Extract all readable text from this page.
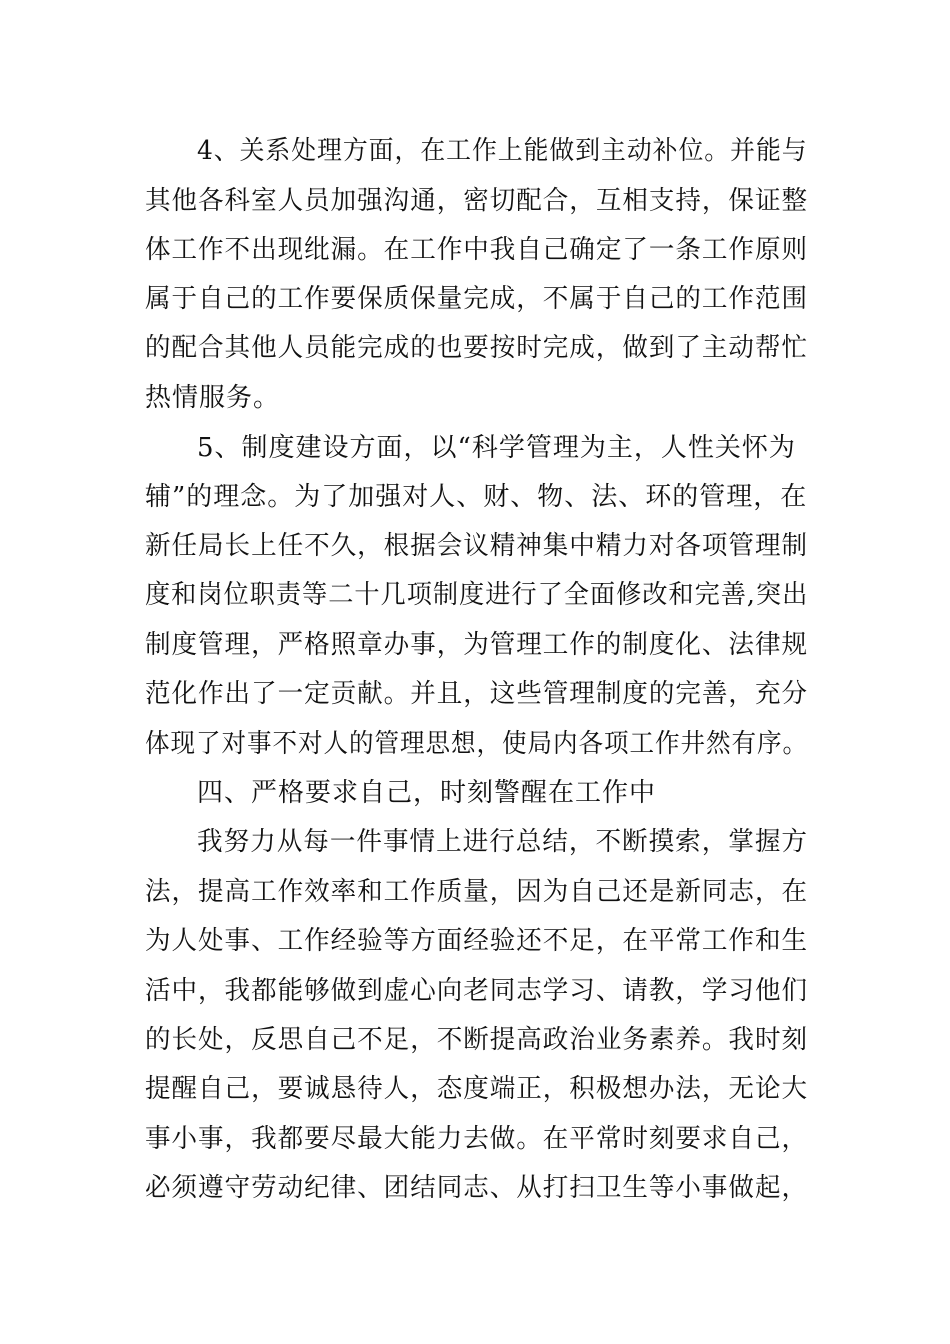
4、关系处理方面，在工作上能做到主动补位。并能与
其他各科室人员加强沟通，密切配合，互相支持，保证整
体工作不出现纰漏。在工作中我自己确定了一条工作原则
属于自己的工作要保质保量完成，不属于自己的工作范围
的配合其他人员能完成的也要按时完成，做到了主动帮忙
热情服务。
5、制度建设方面，以“科学管理为主，人性关怀为
辅”的理念。为了加强对人、财、物、法、环的管理，在
新任局长上任不久，根据会议精神集中精力对各项管理制
度和岗位职责等二十几项制度进行了全面修改和完善,突出
制度管理，严格照章办事，为管理工作的制度化、法律规
范化作出了一定贡献。并且，这些管理制度的完善，充分
体现了对事不对人的管理思想，使局内各项工作井然有序。
四、严格要求自己，时刻警醒在工作中
我努力从每一件事情上进行总结，不断摸索，掌握方
法，提高工作效率和工作质量，因为自己还是新同志，在
为人处事、工作经验等方面经验还不足，在平常工作和生
活中，我都能够做到虚心向老同志学习、请教，学习他们
的长处，反思自己不足，不断提高政治业务素养。我时刻
提醒自己，要诚恳待人，态度端正，积极想办法，无论大
事小事，我都要尽最大能力去做。在平常时刻要求自己，
必须遵守劳动纪律、团结同志、从打扫卫生等小事做起，
